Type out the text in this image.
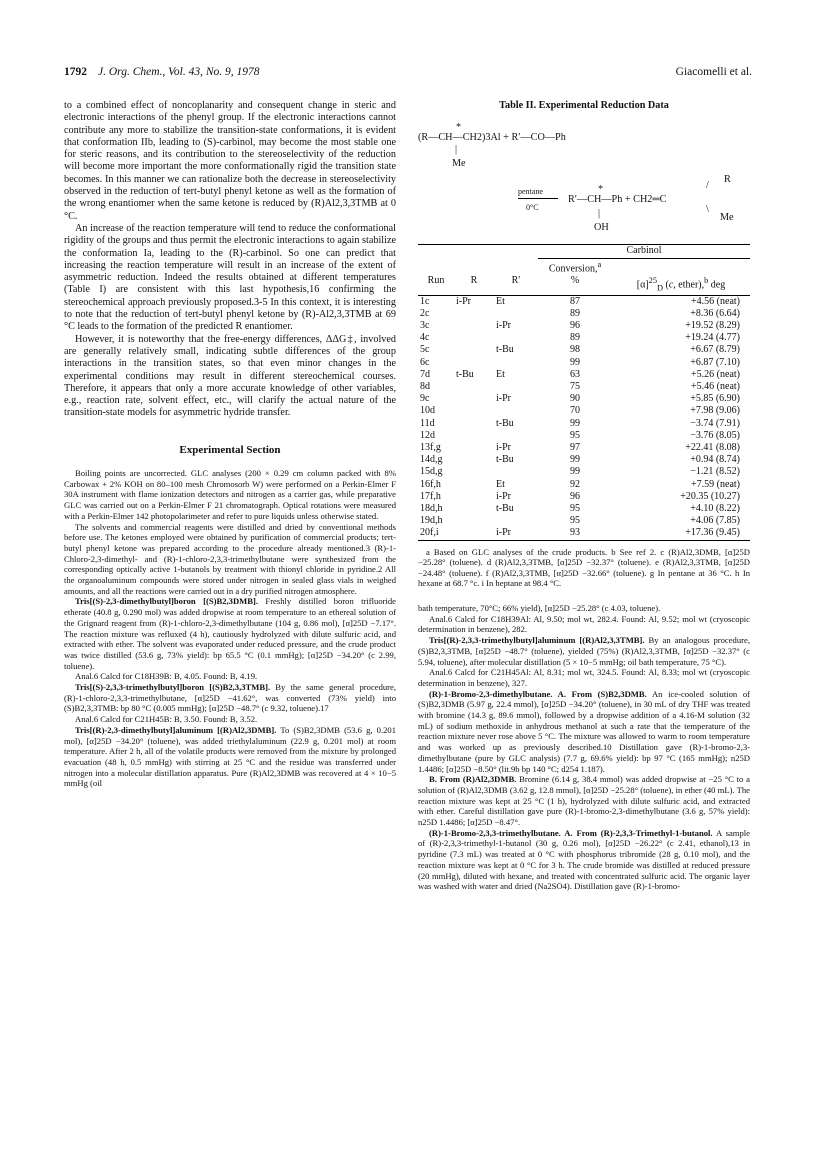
1792 J. Org. Chem., Vol. 43, No. 9, 1978	Giacomelli et al.

to a combined effect of noncoplanarity and consequent change in steric and electronic interactions of the phenyl group. If the electronic interactions cannot contribute any more to stabilize the transition-state conformations, it is evident that conformation IIb, leading to (S)-carbinol, may become the most stable one for steric reasons, and its contribution to the stereoselectivity of the reduction will become more important the more conformationally rigid the transition state becomes. In this manner we can rationalize both the decrease in stereoselectivity observed in the reduction of tert-butyl phenyl ketone as well as the formation of the wrong enantiomer when the same ketone is reduced by (R)Al2,3,3TMB at 0 °C.

An increase of the reaction temperature will tend to reduce the conformational rigidity of the groups and thus permit the electronic interactions to again stabilize the conformation Ia, leading to the (R)-carbinol. So one can predict that increasing the reaction temperature will result in an increase of the extent of asymmetric reduction. Indeed the results obtained at different temperatures (Table I) are consistent with this last hypothesis,16 confirming the stereochemical approach previously proposed.3-5 In this context, it is interesting to note that the reduction of tert-butyl phenyl ketone by (R)-Al2,3,3TMB at 69 °C leads to the formation of the predicted R enantiomer.

However, it is noteworthy that the free-energy differences, ΔΔG‡, involved are generally relatively small, indicating subtle differences of the group interactions in the transition states, so that even minor changes in the experimental conditions may result in different stereochemical courses. Therefore, it appears that only a more accurate knowledge of other variables, e.g., reaction rate, solvent effect, etc., will clarify the actual nature of the transition-state models for asymmetric hydride transfer.

Experimental Section

Boiling points are uncorrected. GLC analyses (200 × 0.29 cm column packed with 8% Carbowax + 2% KOH on 80–100 mesh Chromosorb W) were performed on a Perkin-Elmer F 30A instrument with flame ionization detectors and nitrogen as a carrier gas, while preparative GLC was carried out on a Perkin-Elmer F 21 chromatograph. Optical rotations were measured with a Perkin-Elmer 142 photopolarimeter and refer to pure liquids unless otherwise stated.

The solvents and commercial reagents were distilled and dried by conventional methods before use. The ketones employed were obtained by purification of commercial products; tert-butyl phenyl ketone was prepared according to the procedure already mentioned.3 (R)-1-Chloro-2,3-dimethyl- and (R)-1-chloro-2,3,3-trimethylbutane were synthesized from the corresponding optically active 1-butanols by treatment with thionyl chloride in pyridine.2 All the organoaluminum compounds were stored under nitrogen in sealed glass vials in weighed amounts, and all the reactions were carried out in a dry purified nitrogen atmosphere.

Tris[(S)-2,3-dimethylbutyl]boron [(S)B2,3DMB]. Freshly distilled boron trifluoride etherate (40.8 g, 0.290 mol) was added dropwise at room temperature to an ethereal solution of the Grignard reagent from (R)-1-chloro-2,3-dimethylbutane (104 g, 0.86 mol), [α]25D −7.17°. The reaction mixture was refluxed (4 h), cautiously hydrolyzed with dilute sulfuric acid, and extracted with ether. The solvent was evaporated under reduced pressure, and the crude product was twice distilled (53.6 g, 73% yield): bp 65.5 °C (0.1 mmHg); [α]25D −34.20° (c 2.99, toluene).

Anal.6 Calcd for C18H39B: B, 4.05. Found: B, 4.19.

Tris[(S)-2,3,3-trimethylbutyl]boron [(S)B2,3,3TMB]. By the same general procedure, (R)-1-chloro-2,3,3-trimethylbutane, [α]25D −41.62°, was converted (73% yield) into (S)B2,3,3TMB: bp 80 °C (0.005 mmHg); [α]25D −48.7° (c 9.32, toluene).17

Anal.6 Calcd for C21H45B: B, 3.50. Found: B, 3.52.

Tris[(R)-2,3-dimethylbutyl]aluminum [(R)Al2,3DMB]. To (S)B2,3DMB (53.6 g, 0.201 mol), [α]25D −34.20° (toluene), was added triethylaluminum (22.9 g, 0.201 mol) at room temperature. After 2 h, all of the volatile products were removed from the mixture by prolonged evacuation (48 h, 0.5 mmHg) with stirring at 25 °C and the residue was transferred under nitrogen into a molecular distillation apparatus. Pure (R)Al2,3DMB was recovered at 4 × 10−5 mmHg (oil

Table II. Experimental Reduction Data
*
(R—CH—CH2)3Al + R′—CO—Ph
|
Me
pentane
0°C
*
R′—CH—Ph + CH2═C
|
OH
R
Me
/
\
			Carbinol	
			Conversion,$^a$	
Run	R	R′	%	$[\alpha]^{25}_D$ (c, ether),$^b$ deg
1c	i-Pr	Et	87	+4.56 (neat)
2c			89	+8.36 (6.64)
3c		i-Pr	96	+19.52 (8.29)
4c			89	+19.24 (4.77)
5c		t-Bu	98	+6.67 (8.79)
6c			99	+6.87 (7.10)
7d	t-Bu	Et	63	+5.26 (neat)
8d			75	+5.46 (neat)
9c		i-Pr	90	+5.85 (6.90)
10d			70	+7.98 (9.06)
11d		t-Bu	99	−3.74 (7.91)
12d			95	−3.76 (8.05)
13f,g		i-Pr	97	+22.41 (8.08)
14d,g		t-Bu	99	+0.94 (8.74)
15d,g			99	−1.21 (8.52)
16f,h		Et	92	+7.59 (neat)
17f,h		i-Pr	96	+20.35 (10.27)
18d,h		t-Bu	95	+4.10 (8.22)
19d,h			95	+4.06 (7.85)
20f,i		i-Pr	93	+17.36 (9.45)

a Based on GLC analyses of the crude products. b See ref 2. c (R)Al2,3DMB, [α]25D −25.28° (toluene). d (R)Al2,3,3TMB, [α]25D −32.37° (toluene). e (R)Al2,3,3TMB, [α]25D −24.48° (toluene). f (R)Al2,3,3TMB, [α]25D −32.66° (toluene). g In pentane at 36 °C. h In hexane at 68.7 °c. i In heptane at 98.4 °C.

bath temperature, 70°C; 66% yield), [α]25D −25.28° (c 4.03, toluene).

Anal.6 Calcd for C18H39Al: Al, 9.50; mol wt, 282.4. Found: Al, 9.52; mol wt (cryoscopic determination in benzene), 282.

Tris[(R)-2,3,3-trimethylbutyl]aluminum [(R)Al2,3,3TMB]. By an analogous procedure, (S)B2,3,3TMB, [α]25D −48.7° (toluene), yielded (75%) (R)Al2,3,3TMB, [α]25D −32.37° (c 5.94, toluene), after molecular distillation (5 × 10−5 mmHg; oil bath temperature, 75 °C).

Anal.6 Calcd for C21H45Al: Al, 8.31; mol wt, 324.5. Found: Al, 8.33; mol wt (cryoscopic determination in benzene), 327.

(R)-1-Bromo-2,3-dimethylbutane. A. From (S)B2,3DMB. An ice-cooled solution of (S)B2,3DMB (5.97 g, 22.4 mmol), [α]25D −34.20° (toluene), in 30 mL of dry THF was treated with bromine (14.3 g, 89.6 mmol), followed by a dropwise addition of a 4.16-M solution (32 mL) of sodium methoxide in anhydrous methanol at such a rate that the temperature of the reaction mixture never rose above 5 °C. The mixture was allowed to warm to room temperature and was worked up as previously described.10 Distillation gave (R)-1-bromo-2,3-dimethylbutane (pure by GLC analysis) (7.7 g, 69.6% yield): bp 97 °C (165 mmHg); n25D 1.4486; [α]25D −8.50° (lit.9b bp 140 °C; d254 1.187).

B. From (R)Al2,3DMB. Bromine (6.14 g, 38.4 mmol) was added dropwise at −25 °C to a solution of (R)Al2,3DMB (3.62 g, 12.8 mmol), [α]25D −25.28° (toluene), in ether (40 mL). The reaction mixture was kept at 25 °C (1 h), hydrolyzed with dilute sulfuric acid, and extracted with ether. Careful distillation gave pure (R)-1-bromo-2,3-dimethylbutane (3.6 g, 57% yield): n25D 1.4486; [α]25D −8.47°.

(R)-1-Bromo-2,3,3-trimethylbutane. A. From (R)-2,3,3-Trimethyl-1-butanol. A sample of (R)-2,3,3-trimethyl-1-butanol (30 g, 0.26 mol), [α]25D −26.22° (c 2.41, ethanol),13 in pyridine (7.3 mL) was treated at 0 °C with phosphorus tribromide (28 g, 0.10 mol), and the reaction mixture was kept at 0 °C for 3 h. The crude bromide was distilled at reduced pressure (20 mmHg), diluted with hexane, and treated with concentrated sulfuric acid. The organic layer was washed with water and dried (Na2SO4). Distillation gave (R)-1-bromo-
